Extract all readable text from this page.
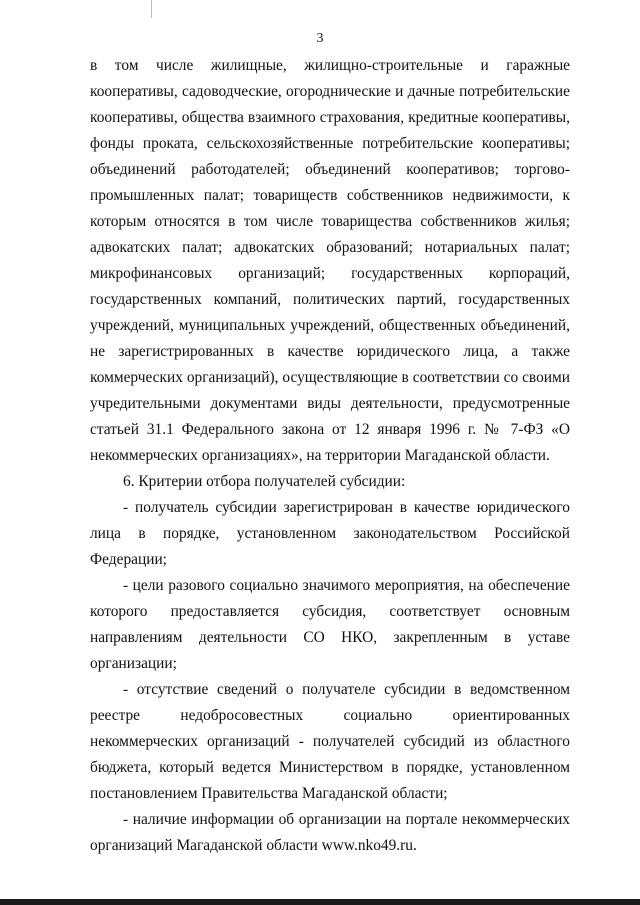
3

в том числе жилищные, жилищно-строительные и гаражные кооперативы, садоводческие, огороднические и дачные потребительские кооперативы, общества взаимного страхования, кредитные кооперативы, фонды проката, сельскохозяйственные потребительские кооперативы; объединений работодателей; объединений кооперативов; торгово-промышленных палат; товариществ собственников недвижимости, к которым относятся в том числе товарищества собственников жилья; адвокатских палат; адвокатских образований; нотариальных палат; микрофинансовых организаций; государственных корпораций, государственных компаний, политических партий, государственных учреждений, муниципальных учреждений, общественных объединений, не зарегистрированных в качестве юридического лица, а также коммерческих организаций), осуществляющие в соответствии со своими учредительными документами виды деятельности, предусмотренные статьей 31.1 Федерального закона от 12 января 1996 г. № 7-ФЗ «О некоммерческих организациях», на территории Магаданской области.

6. Критерии отбора получателей субсидии:

- получатель субсидии зарегистрирован в качестве юридического лица в порядке, установленном законодательством Российской Федерации;

- цели разового социально значимого мероприятия, на обеспечение которого предоставляется субсидия, соответствует основным направлениям деятельности СО НКО, закрепленным в уставе организации;

- отсутствие сведений о получателе субсидии в ведомственном реестре недобросовестных социально ориентированных некоммерческих организаций - получателей субсидий из областного бюджета, который ведется Министерством в порядке, установленном постановлением Правительства Магаданской области;

- наличие информации об организации на портале некоммерческих организаций Магаданской области www.nko49.ru.
